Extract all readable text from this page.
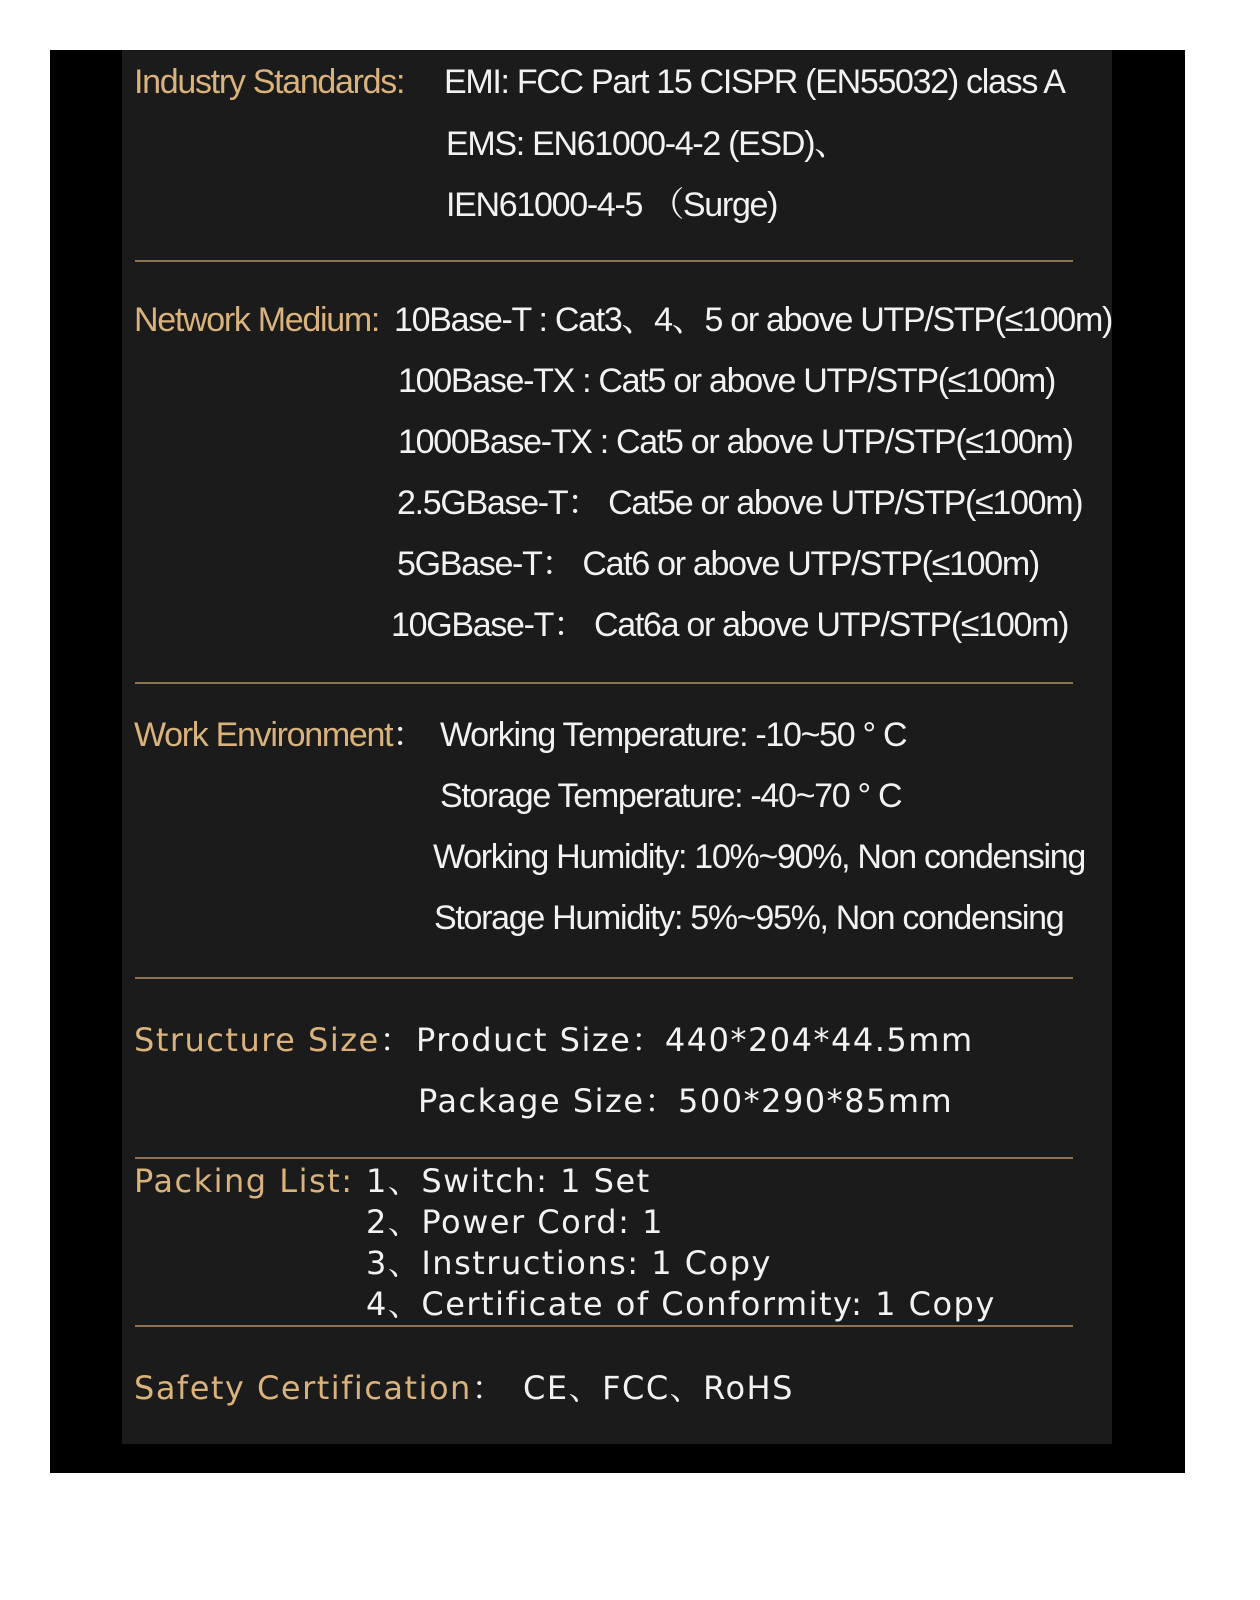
Industry Standards: EMI: FCC Part 15 CISPR (EN55032) class A
EMS: EN61000-4-2 (ESD)、
IEN61000-4-5 （Surge)
Network Medium: 10Base-T : Cat3、4、5 or above UTP/STP(≤100m)
100Base-TX : Cat5 or above UTP/STP(≤100m)
1000Base-TX : Cat5 or above UTP/STP(≤100m)
2.5GBase-T： Cat5e or above UTP/STP(≤100m)
5GBase-T： Cat6 or above UTP/STP(≤100m)
10GBase-T： Cat6a or above UTP/STP(≤100m)
Work Environment： Working Temperature: -10~50 ° C
Storage Temperature: -40~70 ° C
Working Humidity: 10%~90%, Non condensing
Storage Humidity: 5%~95%, Non condensing
Structure Size： Product Size：440*204*44.5mm
Package Size：500*290*85mm
Packing List: 1、Switch: 1 Set
2、Power Cord: 1
3、Instructions: 1 Copy
4、Certificate of Conformity: 1 Copy
Safety Certification： CE、FCC、RoHS
